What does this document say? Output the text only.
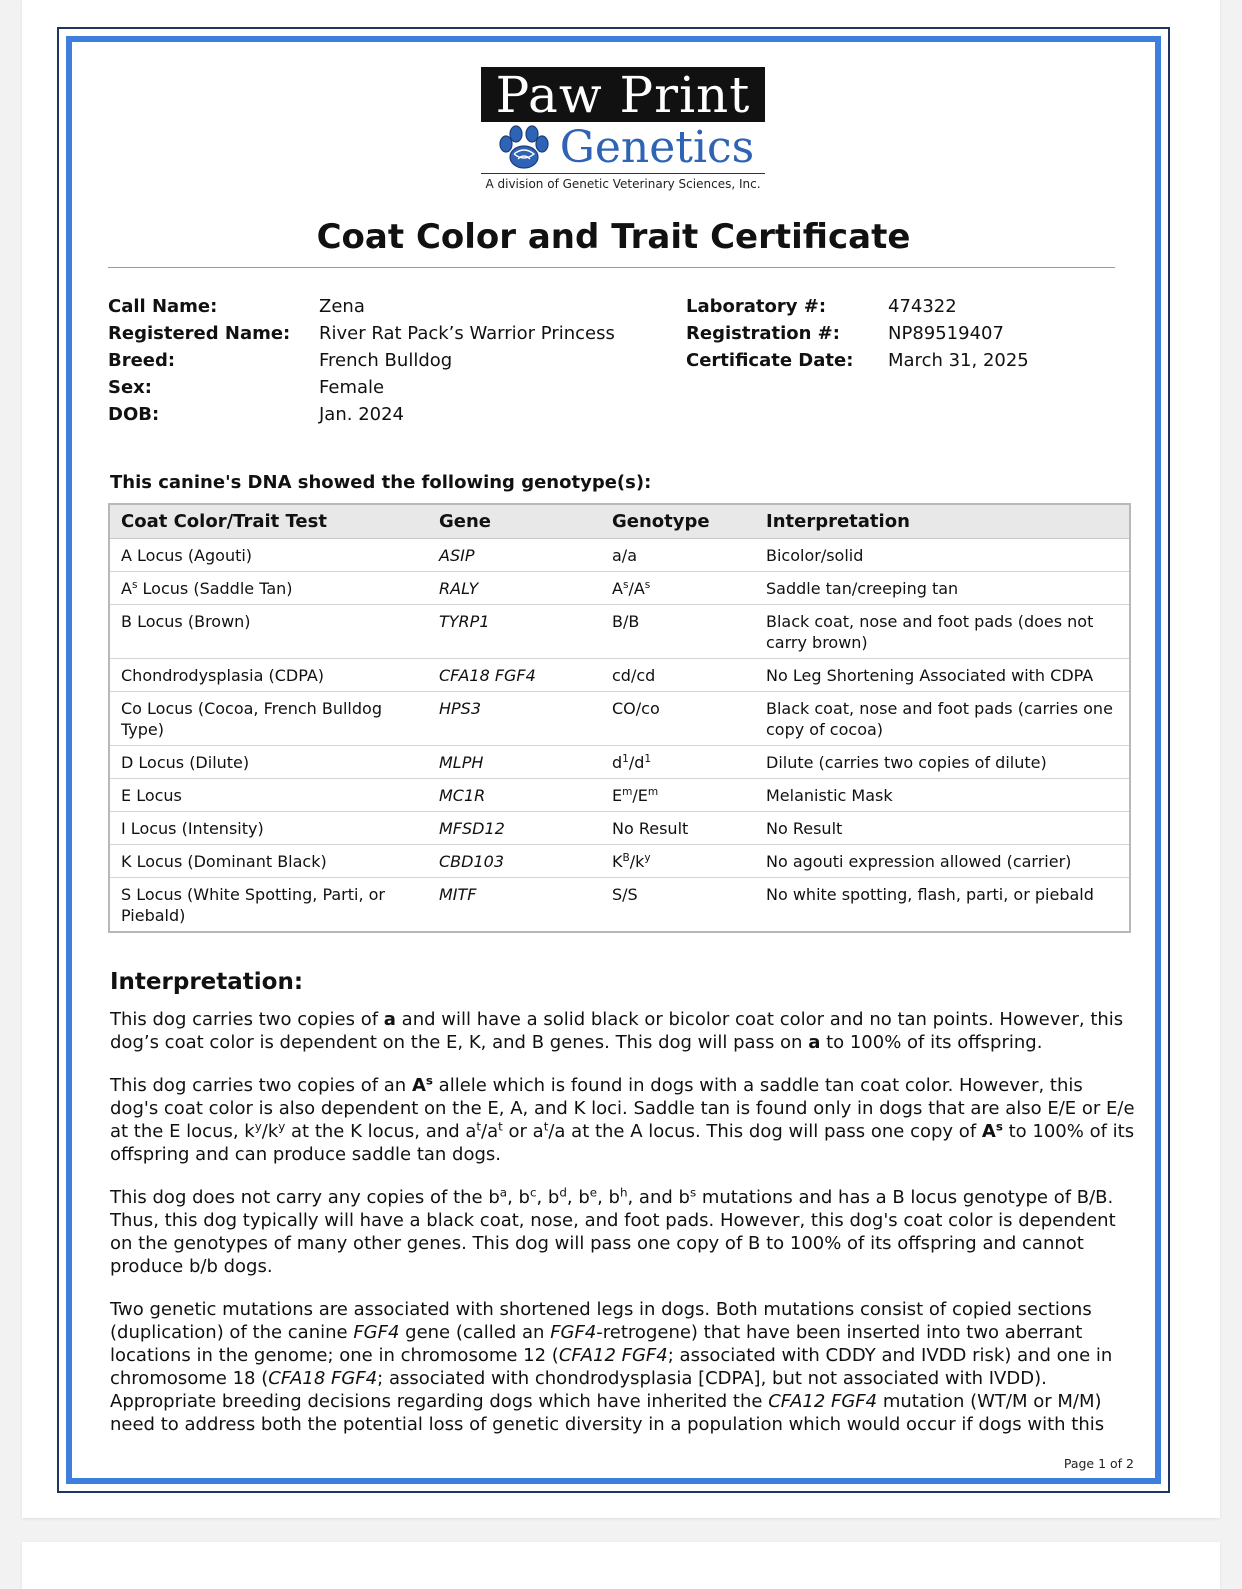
Paw Print
Genetics
A division of Genetic Veterinary Sciences, Inc.
Coat Color and Trait Certificate
Call Name:	Zena
Registered Name:	River Rat Pack’s Warrior Princess
Breed:	French Bulldog
Sex:	Female
DOB:	Jan. 2024
Laboratory #:	474322
Registration #:	NP89519407
Certificate Date:	March 31, 2025
This canine's DNA showed the following genotype(s):
Coat Color/Trait Test	Gene	Genotype	Interpretation
A Locus (Agouti)	ASIP	a/a	Bicolor/solid
$A^s$ Locus (Saddle Tan)	RALY	$A^s/A^s$	Saddle tan/creeping tan
B Locus (Brown)	TYRP1	B/B	Black coat, nose and foot pads (does not carry brown)
Chondrodysplasia (CDPA)	CFA18 FGF4	cd/cd	No Leg Shortening Associated with CDPA
Co Locus (Cocoa, French Bulldog Type)	HPS3	CO/co	Black coat, nose and foot pads (carries one copy of cocoa)
D Locus (Dilute)	MLPH	$d^1/d^1$	Dilute (carries two copies of dilute)
E Locus	MC1R	$E^m/E^m$	Melanistic Mask
I Locus (Intensity)	MFSD12	No Result	No Result
K Locus (Dominant Black)	CBD103	$K^B/k^y$	No agouti expression allowed (carrier)
S Locus (White Spotting, Parti, or Piebald)	MITF	S/S	No white spotting, flash, parti, or piebald
Interpretation:

This dog carries two copies of a and will have a solid black or bicolor coat color and no tan points. However, this dog’s coat color is dependent on the E, K, and B genes. This dog will pass on a to 100% of its offspring.

This dog carries two copies of an $A^s$ allele which is found in dogs with a saddle tan coat color. However, this dog's coat color is also dependent on the E, A, and K loci. Saddle tan is found only in dogs that are also E/E or E/e at the E locus, $k^y/k^y$ at the K locus, and $a^t/a^t$ or $a^t/a$ at the A locus. This dog will pass one copy of $A^s$ to 100% of its offspring and can produce saddle tan dogs.

This dog does not carry any copies of the $b^a$, $b^c$, $b^d$, $b^e$, $b^h$, and $b^s$ mutations and has a B locus genotype of B/B. Thus, this dog typically will have a black coat, nose, and foot pads. However, this dog's coat color is dependent on the genotypes of many other genes. This dog will pass one copy of B to 100% of its offspring and cannot produce b/b dogs.

Two genetic mutations are associated with shortened legs in dogs. Both mutations consist of copied sections (duplication) of the canine FGF4 gene (called an FGF4-retrogene) that have been inserted into two aberrant locations in the genome; one in chromosome 12 (CFA12 FGF4; associated with CDDY and IVDD risk) and one in chromosome 18 (CFA18 FGF4; associated with chondrodysplasia [CDPA], but not associated with IVDD). Appropriate breeding decisions regarding dogs which have inherited the CFA12 FGF4 mutation (WT/M or M/M) need to address both the potential loss of genetic diversity in a population which would occur if dogs with this

Page 1 of 2
